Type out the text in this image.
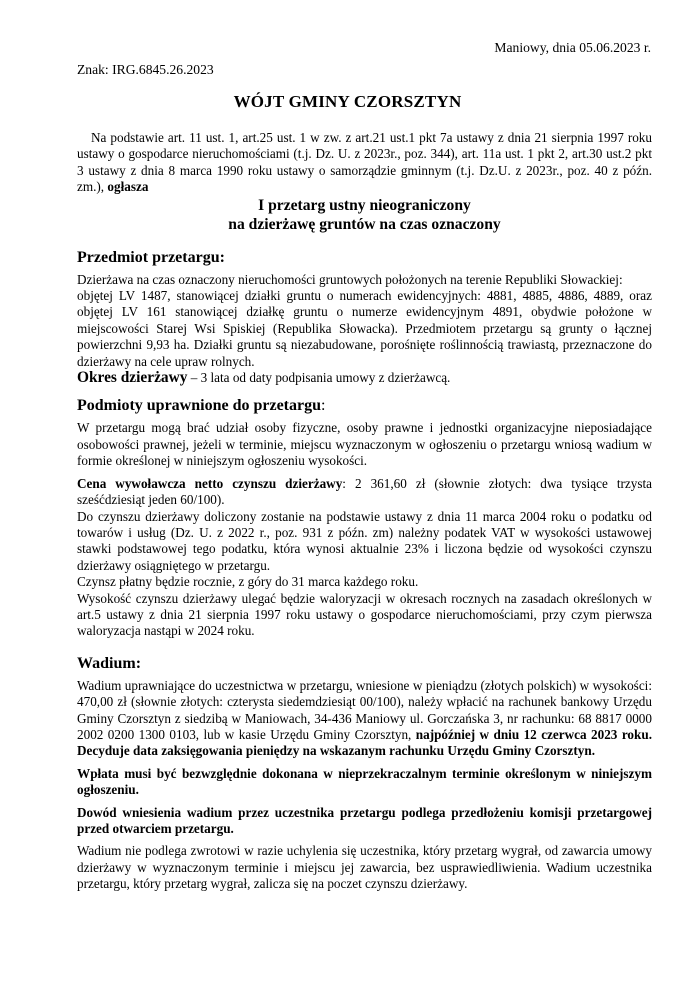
Maniowy, dnia 05.06.2023 r.
Znak: IRG.6845.26.2023
WÓJT GMINY CZORSZTYN

Na podstawie art. 11 ust. 1, art.25 ust. 1 w zw. z art.21 ust.1 pkt 7a ustawy z dnia 21 sierpnia 1997 roku ustawy o gospodarce nieruchomościami (t.j. Dz. U. z 2023r., poz. 344), art. 11a ust. 1 pkt 2, art.30 ust.2 pkt 3 ustawy z dnia 8 marca 1990 roku ustawy o samorządzie gminnym (t.j. Dz.U. z 2023r., poz. 40 z późn. zm.), ogłasza

I przetarg ustny nieograniczony
na dzierżawę gruntów na czas oznaczony

Przedmiot przetargu:

Dzierżawa na czas oznaczony nieruchomości gruntowych położonych na terenie Republiki Słowackiej:

objętej LV 1487, stanowiącej działki gruntu o numerach ewidencyjnych: 4881, 4885, 4886, 4889, oraz objętej LV 161 stanowiącej działkę gruntu o numerze ewidencyjnym 4891, obydwie położone w miejscowości Starej Wsi Spiskiej (Republika Słowacka). Przedmiotem przetargu są grunty o łącznej powierzchni 9,93 ha. Działki gruntu są niezabudowane, porośnięte roślinnością trawiastą, przeznaczone do dzierżawy na cele upraw rolnych.

Okres dzierżawy – 3 lata od daty podpisania umowy z dzierżawcą.

Podmioty uprawnione do przetargu:

W przetargu mogą brać udział osoby fizyczne, osoby prawne i jednostki organizacyjne nieposiadające osobowości prawnej, jeżeli w terminie, miejscu wyznaczonym w ogłoszeniu o przetargu wniosą wadium w formie określonej w niniejszym ogłoszeniu wysokości.

Cena wywoławcza netto czynszu dzierżawy: 2 361,60 zł (słownie złotych: dwa tysiące trzysta sześćdziesiąt jeden 60/100).

Do czynszu dzierżawy doliczony zostanie na podstawie ustawy z dnia 11 marca 2004 roku o podatku od towarów i usług (Dz. U. z 2022 r., poz. 931 z późn. zm) należny podatek VAT w wysokości ustawowej stawki podstawowej tego podatku, która wynosi aktualnie 23% i liczona będzie od wysokości czynszu dzierżawy osiągniętego w przetargu.

Czynsz płatny będzie rocznie, z góry do 31 marca każdego roku.

Wysokość czynszu dzierżawy ulegać będzie waloryzacji w okresach rocznych na zasadach określonych w art.5 ustawy z dnia 21 sierpnia 1997 roku ustawy o gospodarce nieruchomościami, przy czym pierwsza waloryzacja nastąpi w 2024 roku.

Wadium:

Wadium uprawniające do uczestnictwa w przetargu, wniesione w pieniądzu (złotych polskich) w wysokości: 470,00 zł (słownie złotych: czterysta siedemdziesiąt 00/100), należy wpłacić na rachunek bankowy Urzędu Gminy Czorsztyn z siedzibą w Maniowach, 34-436 Maniowy ul. Gorczańska 3, nr rachunku: 68 8817 0000 2002 0200 1300 0103, lub w kasie Urzędu Gminy Czorsztyn, najpóźniej w dniu 12 czerwca 2023 roku. Decyduje data zaksięgowania pieniędzy na wskazanym rachunku Urzędu Gminy Czorsztyn.

Wpłata musi być bezwzględnie dokonana w nieprzekraczalnym terminie określonym w niniejszym ogłoszeniu.

Dowód wniesienia wadium przez uczestnika przetargu podlega przedłożeniu komisji przetargowej przed otwarciem przetargu.

Wadium nie podlega zwrotowi w razie uchylenia się uczestnika, który przetarg wygrał, od zawarcia umowy dzierżawy w wyznaczonym terminie i miejscu jej zawarcia, bez usprawiedliwienia. Wadium uczestnika przetargu, który przetarg wygrał, zalicza się na poczet czynszu dzierżawy.
